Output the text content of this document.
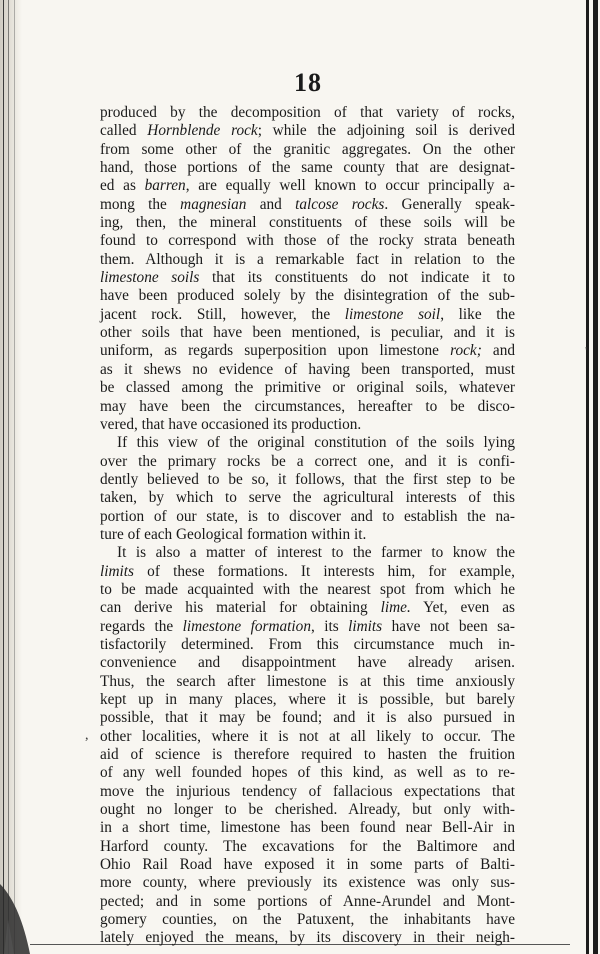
18
'
,
produced by the decomposition of that variety of rocks,
called Hornblende rock; while the adjoining soil is derived
from some other of the granitic aggregates. On the other
hand, those portions of the same county that are designat-
ed as barren, are equally well known to occur principally a-
mong the magnesian and talcose rocks. Generally speak-
ing, then, the mineral constituents of these soils will be
found to correspond with those of the rocky strata beneath
them. Although it is a remarkable fact in relation to the
limestone soils that its constituents do not indicate it to
have been produced solely by the disintegration of the sub-
jacent rock. Still, however, the limestone soil, like the
other soils that have been mentioned, is peculiar, and it is
uniform, as regards superposition upon limestone rock; and
as it shews no evidence of having been transported, must
be classed among the primitive or original soils, whatever
may have been the circumstances, hereafter to be disco-
vered, that have occasioned its production.
If this view of the original constitution of the soils lying
over the primary rocks be a correct one, and it is confi-
dently believed to be so, it follows, that the first step to be
taken, by which to serve the agricultural interests of this
portion of our state, is to discover and to establish the na-
ture of each Geological formation within it.
It is also a matter of interest to the farmer to know the
limits of these formations. It interests him, for example,
to be made acquainted with the nearest spot from which he
can derive his material for obtaining lime. Yet, even as
regards the limestone formation, its limits have not been sa-
tisfactorily determined. From this circumstance much in-
convenience and disappointment have already arisen.
Thus, the search after limestone is at this time anxiously
kept up in many places, where it is possible, but barely
possible, that it may be found; and it is also pursued in
other localities, where it is not at all likely to occur. The
aid of science is therefore required to hasten the fruition
of any well founded hopes of this kind, as well as to re-
move the injurious tendency of fallacious expectations that
ought no longer to be cherished. Already, but only with-
in a short time, limestone has been found near Bell-Air in
Harford county. The excavations for the Baltimore and
Ohio Rail Road have exposed it in some parts of Balti-
more county, where previously its existence was only sus-
pected; and in some portions of Anne-Arundel and Mont-
gomery counties, on the Patuxent, the inhabitants have
lately enjoyed the means, by its discovery in their neigh-
